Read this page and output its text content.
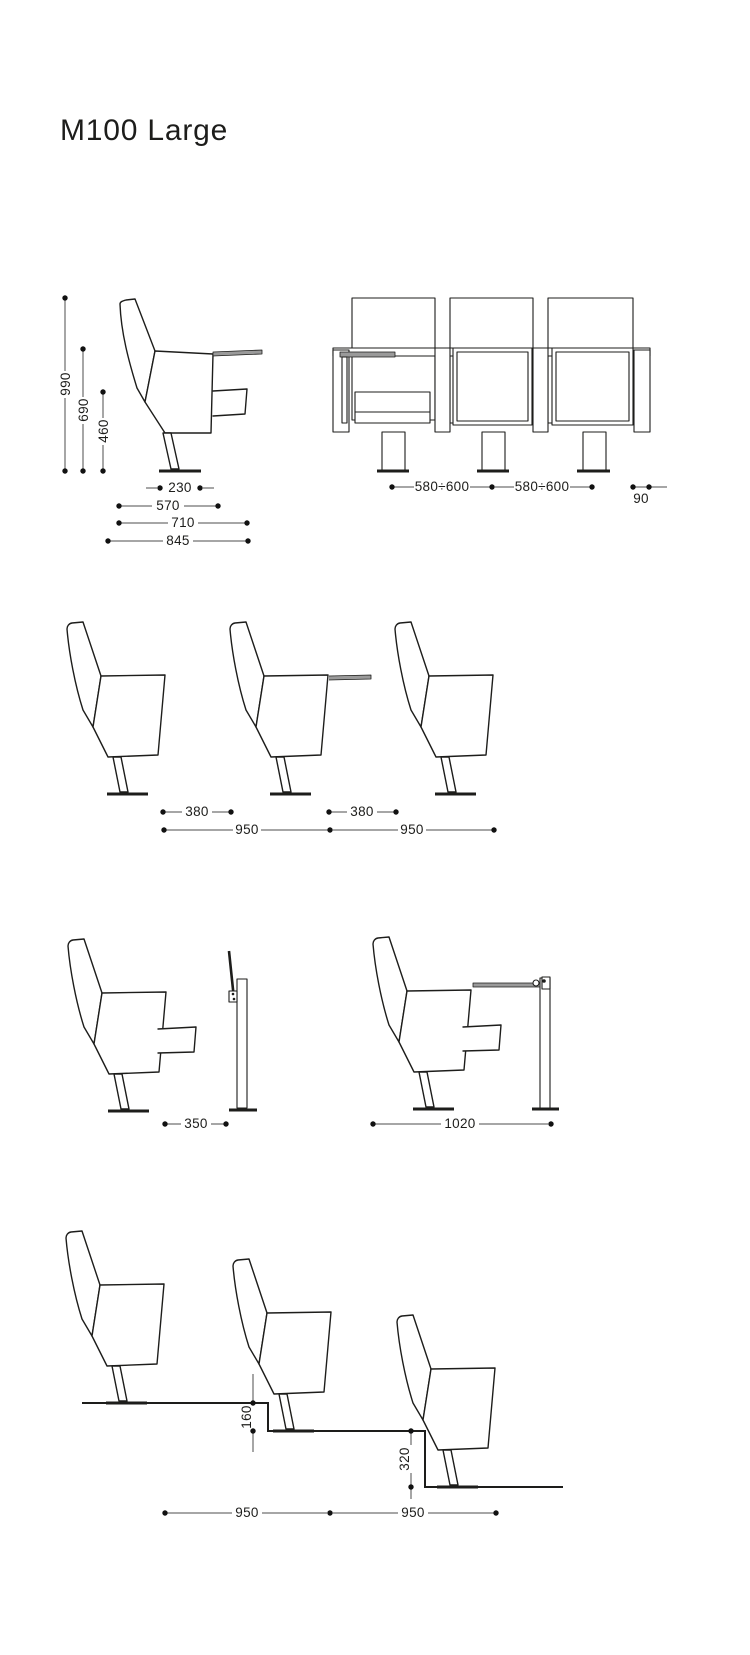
M100 Large
990
690
460
230
570
710
845
580÷600	580÷600
90
380	380
950	950
350	1020
160
320
950	950
